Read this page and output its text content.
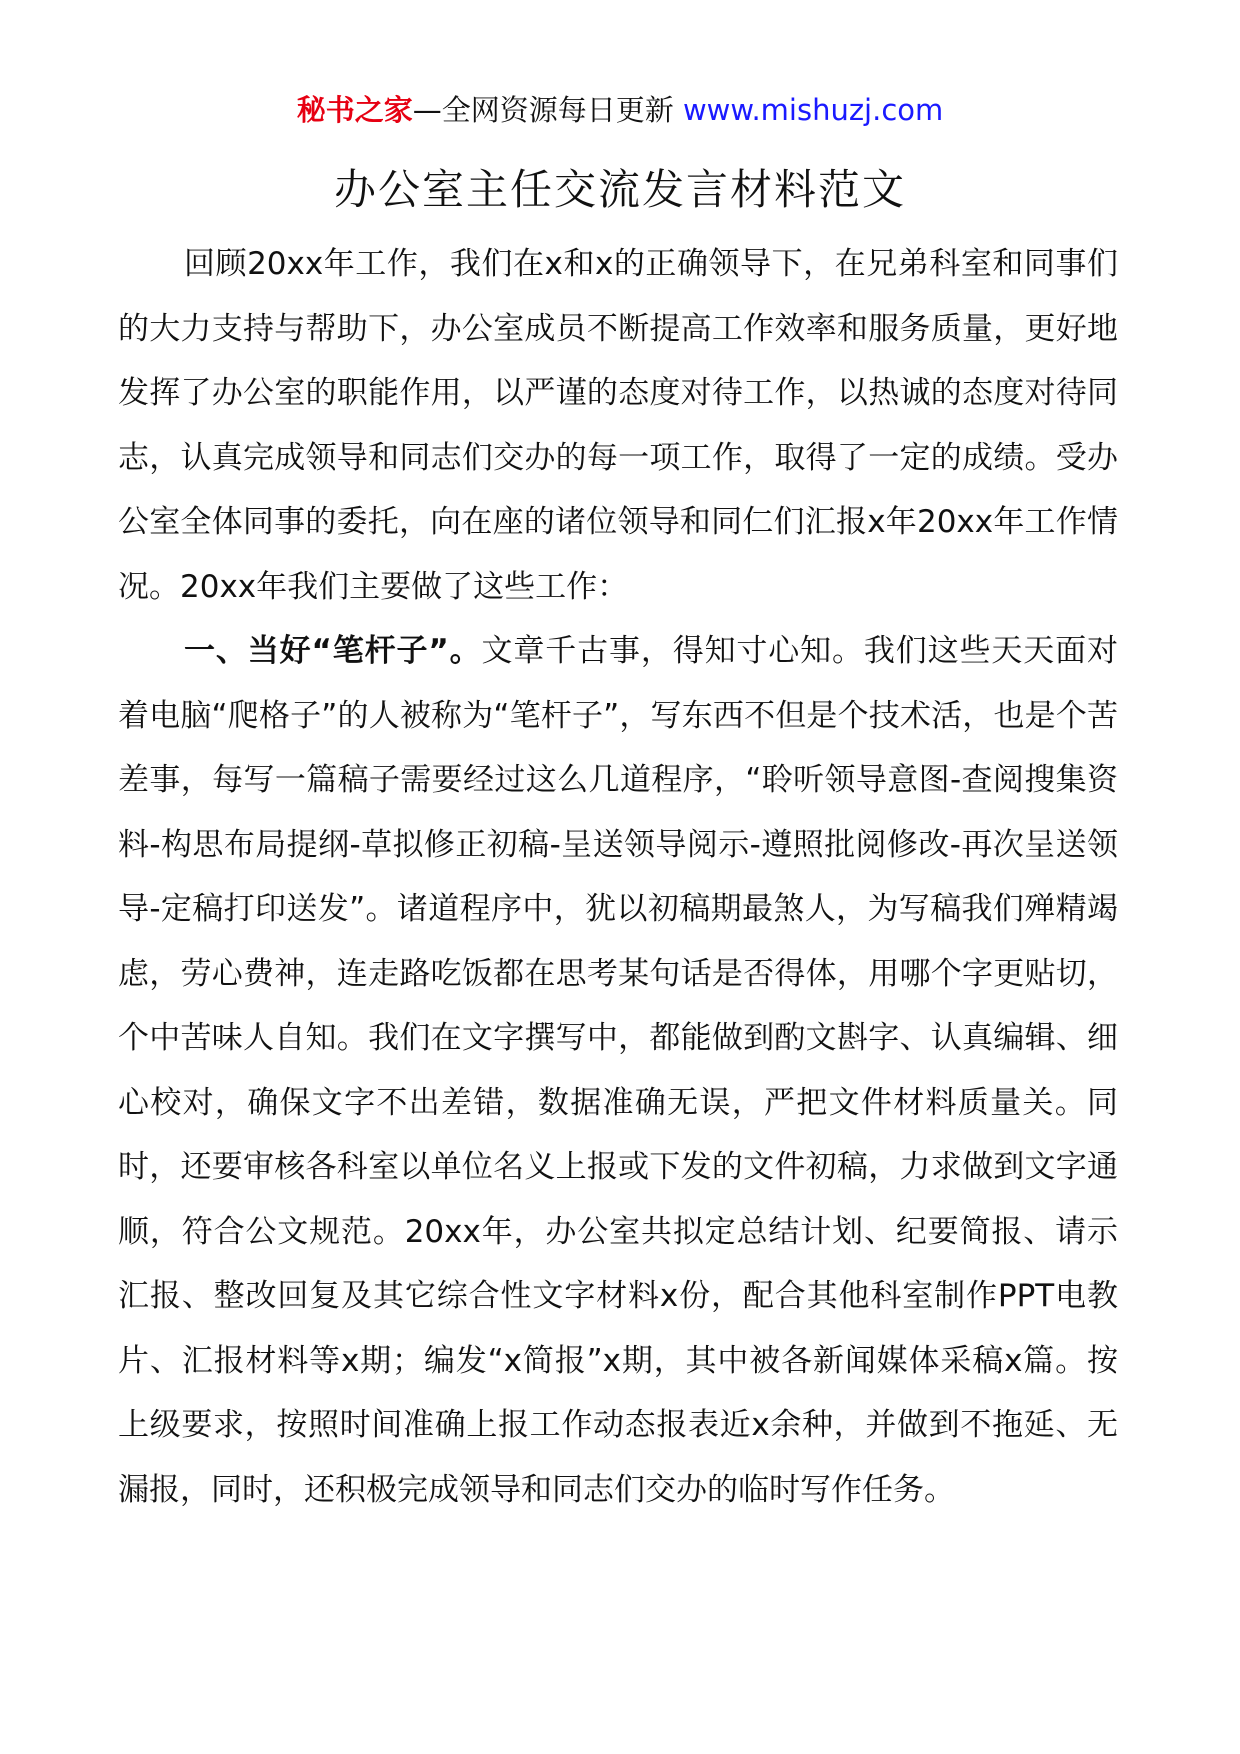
秘书之家—全网资源每日更新 www.mishuzj.com
办公室主任交流发言材料范文

回顾20xx年工作，我们在x和x的正确领导下，在兄弟科室和同事们的大力支持与帮助下，办公室成员不断提高工作效率和服务质量，更好地发挥了办公室的职能作用，以严谨的态度对待工作，以热诚的态度对待同志，认真完成领导和同志们交办的每一项工作，取得了一定的成绩。受办公室全体同事的委托，向在座的诸位领导和同仁们汇报x年20xx年工作情况。20xx年我们主要做了这些工作：

一、当好“笔杆子”。文章千古事，得知寸心知。我们这些天天面对着电脑“爬格子”的人被称为“笔杆子”，写东西不但是个技术活，也是个苦差事，每写一篇稿子需要经过这么几道程序，“聆听领导意图-查阅搜集资料-构思布局提纲-草拟修正初稿-呈送领导阅示-遵照批阅修改-再次呈送领导-定稿打印送发”。诸道程序中，犹以初稿期最煞人，为写稿我们殚精竭虑，劳心费神，连走路吃饭都在思考某句话是否得体，用哪个字更贴切，个中苦味人自知。我们在文字撰写中，都能做到酌文斟字、认真编辑、细心校对，确保文字不出差错，数据准确无误，严把文件材料质量关。同时，还要审核各科室以单位名义上报或下发的文件初稿，力求做到文字通顺，符合公文规范。20xx年，办公室共拟定总结计划、纪要简报、请示汇报、整改回复及其它综合性文字材料x份，配合其他科室制作PPT电教片、汇报材料等x期；编发“x简报”x期，其中被各新闻媒体采稿x篇。按上级要求，按照时间准确上报工作动态报表近x余种，并做到不拖延、无漏报，同时，还积极完成领导和同志们交办的临时写作任务。
